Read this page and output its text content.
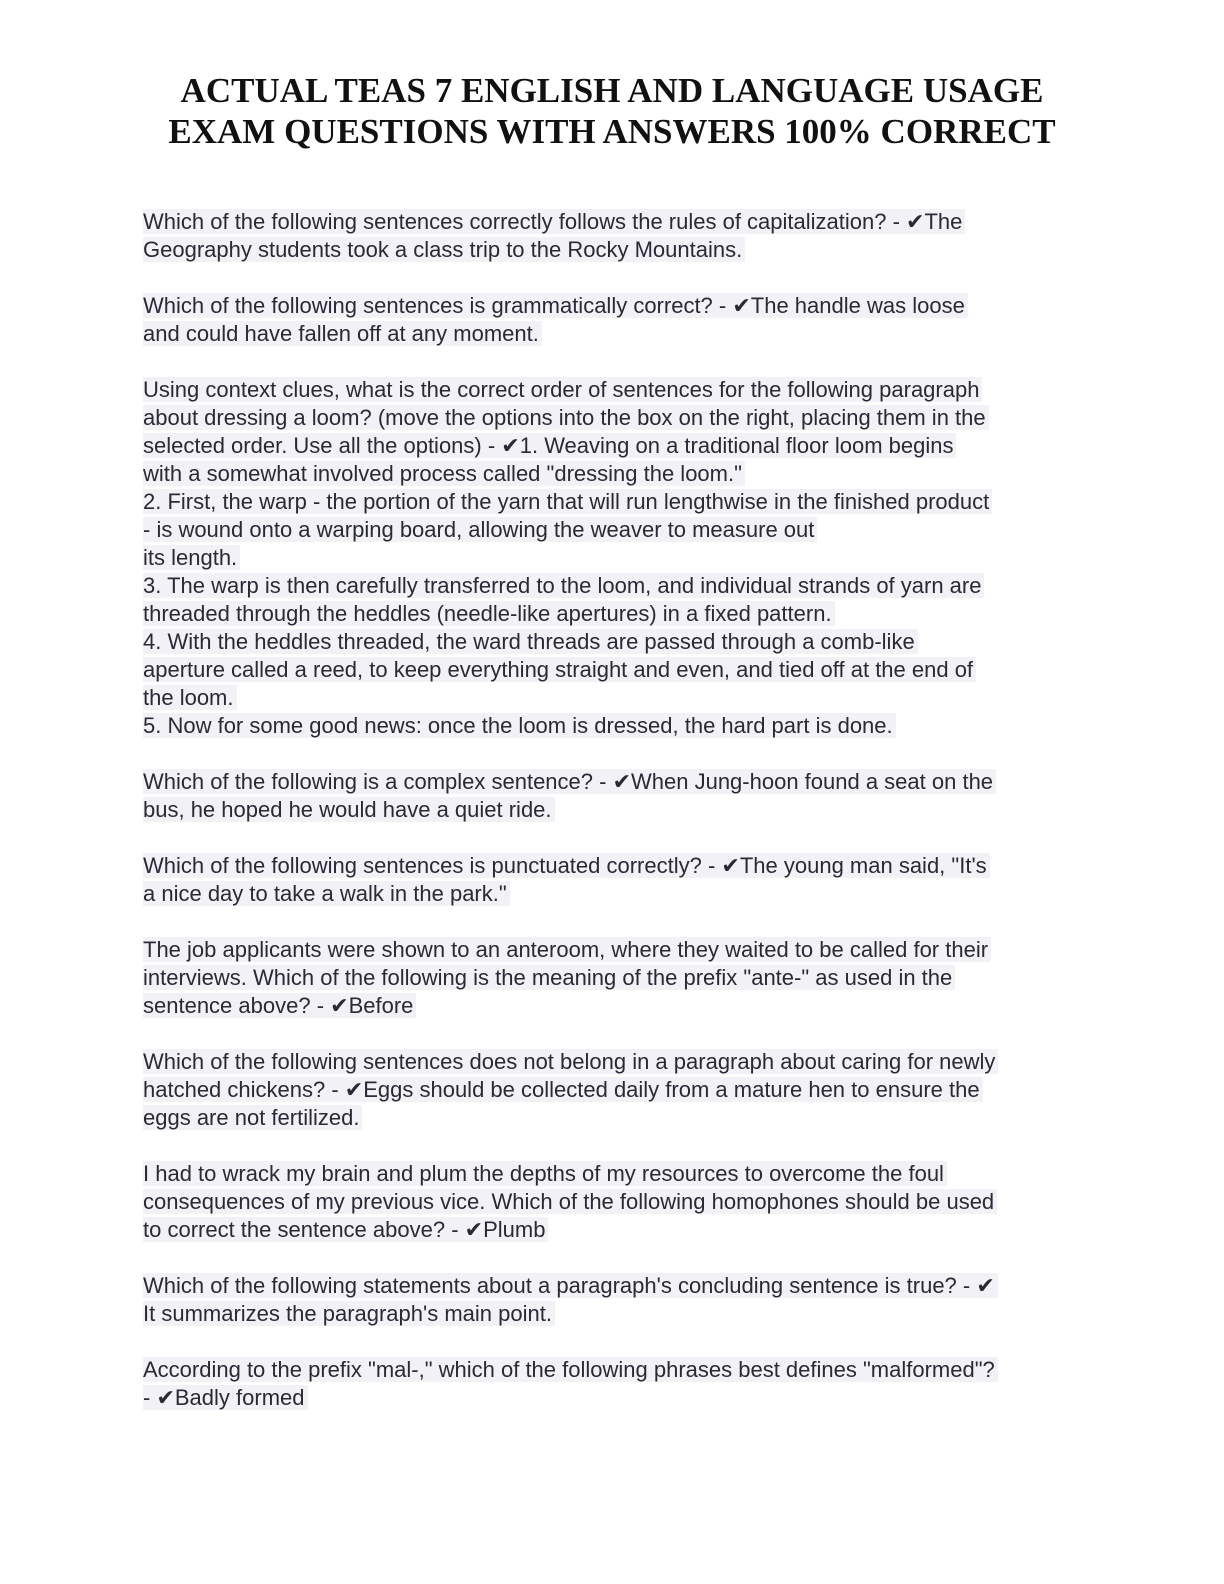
ACTUAL TEAS 7 ENGLISH AND LANGUAGE USAGE
EXAM QUESTIONS WITH ANSWERS 100% CORRECT
Which of the following sentences correctly follows the rules of capitalization? - ✔The
Geography students took a class trip to the Rocky Mountains.
Which of the following sentences is grammatically correct? - ✔The handle was loose
and could have fallen off at any moment.
Using context clues, what is the correct order of sentences for the following paragraph
about dressing a loom? (move the options into the box on the right, placing them in the
selected order. Use all the options) - ✔1. Weaving on a traditional floor loom begins
with a somewhat involved process called "dressing the loom."
2. First, the warp - the portion of the yarn that will run lengthwise in the finished product
- is wound onto a warping board, allowing the weaver to measure out
its length.
3. The warp is then carefully transferred to the loom, and individual strands of yarn are
threaded through the heddles (needle-like apertures) in a fixed pattern.
4. With the heddles threaded, the ward threads are passed through a comb-like
aperture called a reed, to keep everything straight and even, and tied off at the end of
the loom.
5. Now for some good news: once the loom is dressed, the hard part is done.
Which of the following is a complex sentence? - ✔When Jung-hoon found a seat on the
bus, he hoped he would have a quiet ride.
Which of the following sentences is punctuated correctly? - ✔The young man said, "It's
a nice day to take a walk in the park."
The job applicants were shown to an anteroom, where they waited to be called for their
interviews. Which of the following is the meaning of the prefix "ante-" as used in the
sentence above? - ✔Before
Which of the following sentences does not belong in a paragraph about caring for newly
hatched chickens? - ✔Eggs should be collected daily from a mature hen to ensure the
eggs are not fertilized.
I had to wrack my brain and plum the depths of my resources to overcome the foul
consequences of my previous vice. Which of the following homophones should be used
to correct the sentence above? - ✔Plumb
Which of the following statements about a paragraph's concluding sentence is true? - ✔
It summarizes the paragraph's main point.
According to the prefix "mal-," which of the following phrases best defines "malformed"?
- ✔Badly formed
